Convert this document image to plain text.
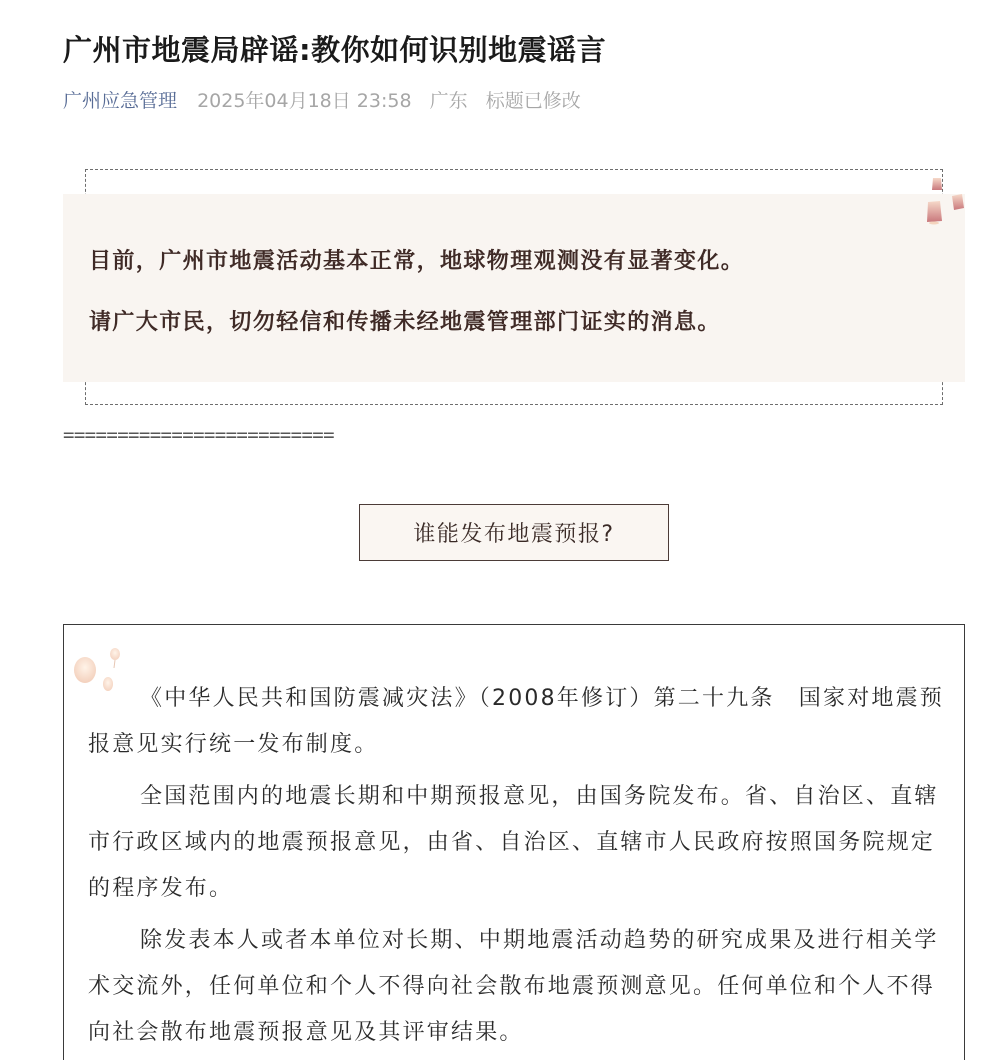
广州市地震局辟谣:教你如何识别地震谣言
广州应急管理 2025年04月18日 23:58 广东 标题已修改
目前，广州市地震活动基本正常，地球物理观测没有显著变化。
请广大市民，切勿轻信和传播未经地震管理部门证实的消息。
=========================
谁能发布地震预报?

《中华人民共和国防震减灾法》（2008年修订）第二十九条　国家对地震预报意见实行统一发布制度。

全国范围内的地震长期和中期预报意见，由国务院发布。省、自治区、直辖市行政区域内的地震预报意见，由省、自治区、直辖市人民政府按照国务院规定的程序发布。

除发表本人或者本单位对长期、中期地震活动趋势的研究成果及进行相关学术交流外，任何单位和个人不得向社会散布地震预测意见。任何单位和个人不得向社会散布地震预报意见及其评审结果。
